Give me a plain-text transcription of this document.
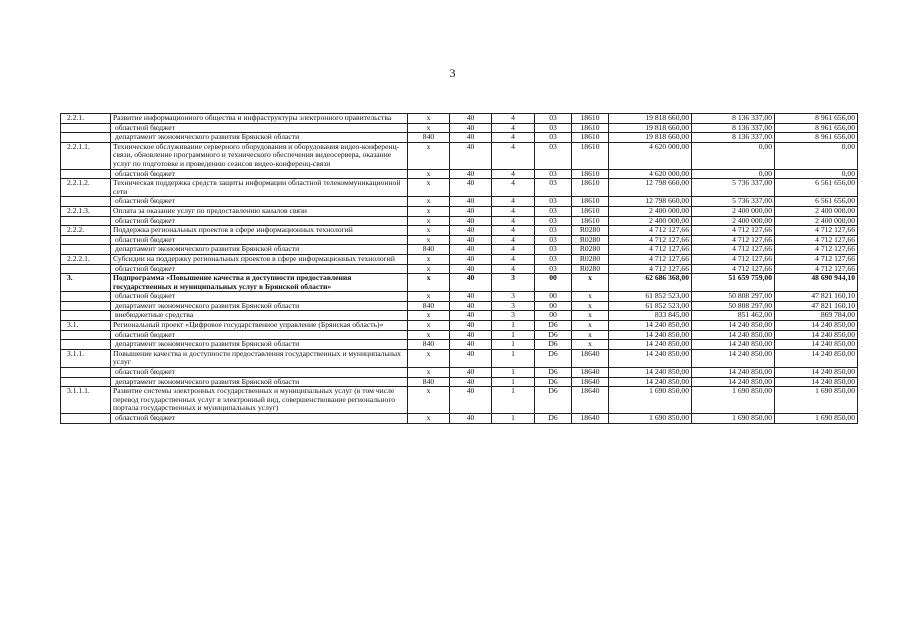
3
2.2.1.	Развитие информационного общества и инфраструктуры электронного правительства	x	40	4	03	18610	19 818 660,00	8 136 337,00	8 961 656,00
	областной бюджет	x	40	4	03	18610	19 818 660,00	8 136 337,00	8 961 656,00
	департамент экономического развития Брянской области	840	40	4	03	18610	19 818 660,00	8 136 337,00	8 961 656,00
2.2.1.1.	Техническое обслуживание серверного оборудования и оборудования видео-конференц-связи, обновление программного и технического обеспечения видеосервера, оказание услуг по подготовке и проведению сеансов видео-конференц-связи	x	40	4	03	18610	4 620 000,00	0,00	0,00
	областной бюджет	x	40	4	03	18610	4 620 000,00	0,00	0,00
2.2.1.2.	Техническая поддержка средств защиты информации областной телекоммуникационной сети	x	40	4	03	18610	12 798 660,00	5 736 337,00	6 561 656,00
	областной бюджет	x	40	4	03	18610	12 798 660,00	5 736 337,00	6 561 656,00
2.2.1.3.	Оплата за оказание услуг по предоставлению каналов связи	x	40	4	03	18610	2 400 000,00	2 400 000,00	2 400 000,00
	областной бюджет	x	40	4	03	18610	2 400 000,00	2 400 000,00	2 400 000,00
2.2.2.	Поддержка региональных проектов в сфере информационных технологий	x	40	4	03	R0280	4 712 127,66	4 712 127,66	4 712 127,66
	областной бюджет	x	40	4	03	R0280	4 712 127,66	4 712 127,66	4 712 127,66
	департамент экономического развития Брянской области	840	40	4	03	R0280	4 712 127,66	4 712 127,66	4 712 127,66
2.2.2.1.	Субсидии на поддержку региональных проектов в сфере информационных технологий	x	40	4	03	R0280	4 712 127,66	4 712 127,66	4 712 127,66
	областной бюджет	x	40	4	03	R0280	4 712 127,66	4 712 127,66	4 712 127,66
3.	Подпрограмма «Повышение качества и доступности предоставления государственных и муниципальных услуг в Брянской области»	x	40	3	00	x	62 686 368,00	51 659 759,00	48 690 944,10
	областной бюджет	x	40	3	00	x	61 852 523,00	50 808 297,00	47 821 160,10
	департамент экономического развития Брянской области	840	40	3	00	x	61 852 523,00	50 808 297,00	47 821 160,10
	внебюджетные средства	x	40	3	00	x	833 845,00	851 462,00	869 784,00
3.1.	Региональный проект «Цифровое государственное управление (Брянская область)»	x	40	1	D6	x	14 240 850,00	14 240 850,00	14 240 850,00
	областной бюджет	x	40	1	D6	x	14 240 850,00	14 240 850,00	14 240 850,00
	департамент экономического развития Брянской области	840	40	1	D6	x	14 240 850,00	14 240 850,00	14 240 850,00
3.1.1.	Повышение качества и доступности предоставления государственных и муниципальных услуг	x	40	1	D6	18640	14 240 850,00	14 240 850,00	14 240 850,00
	областной бюджет	x	40	1	D6	18640	14 240 850,00	14 240 850,00	14 240 850,00
	департамент экономического развития Брянской области	840	40	1	D6	18640	14 240 850,00	14 240 850,00	14 240 850,00
3.1.1.1.	Развитие системы электронных государственных и муниципальных услуг (в том числе перевод государственных услуг в электронный вид, совершенствование регионального портала государственных и муниципальных услуг)	x	40	1	D6	18640	1 690 850,00	1 690 850,00	1 690 850,00
	областной бюджет	x	40	1	D6	18640	1 690 850,00	1 690 850,00	1 690 850,00
